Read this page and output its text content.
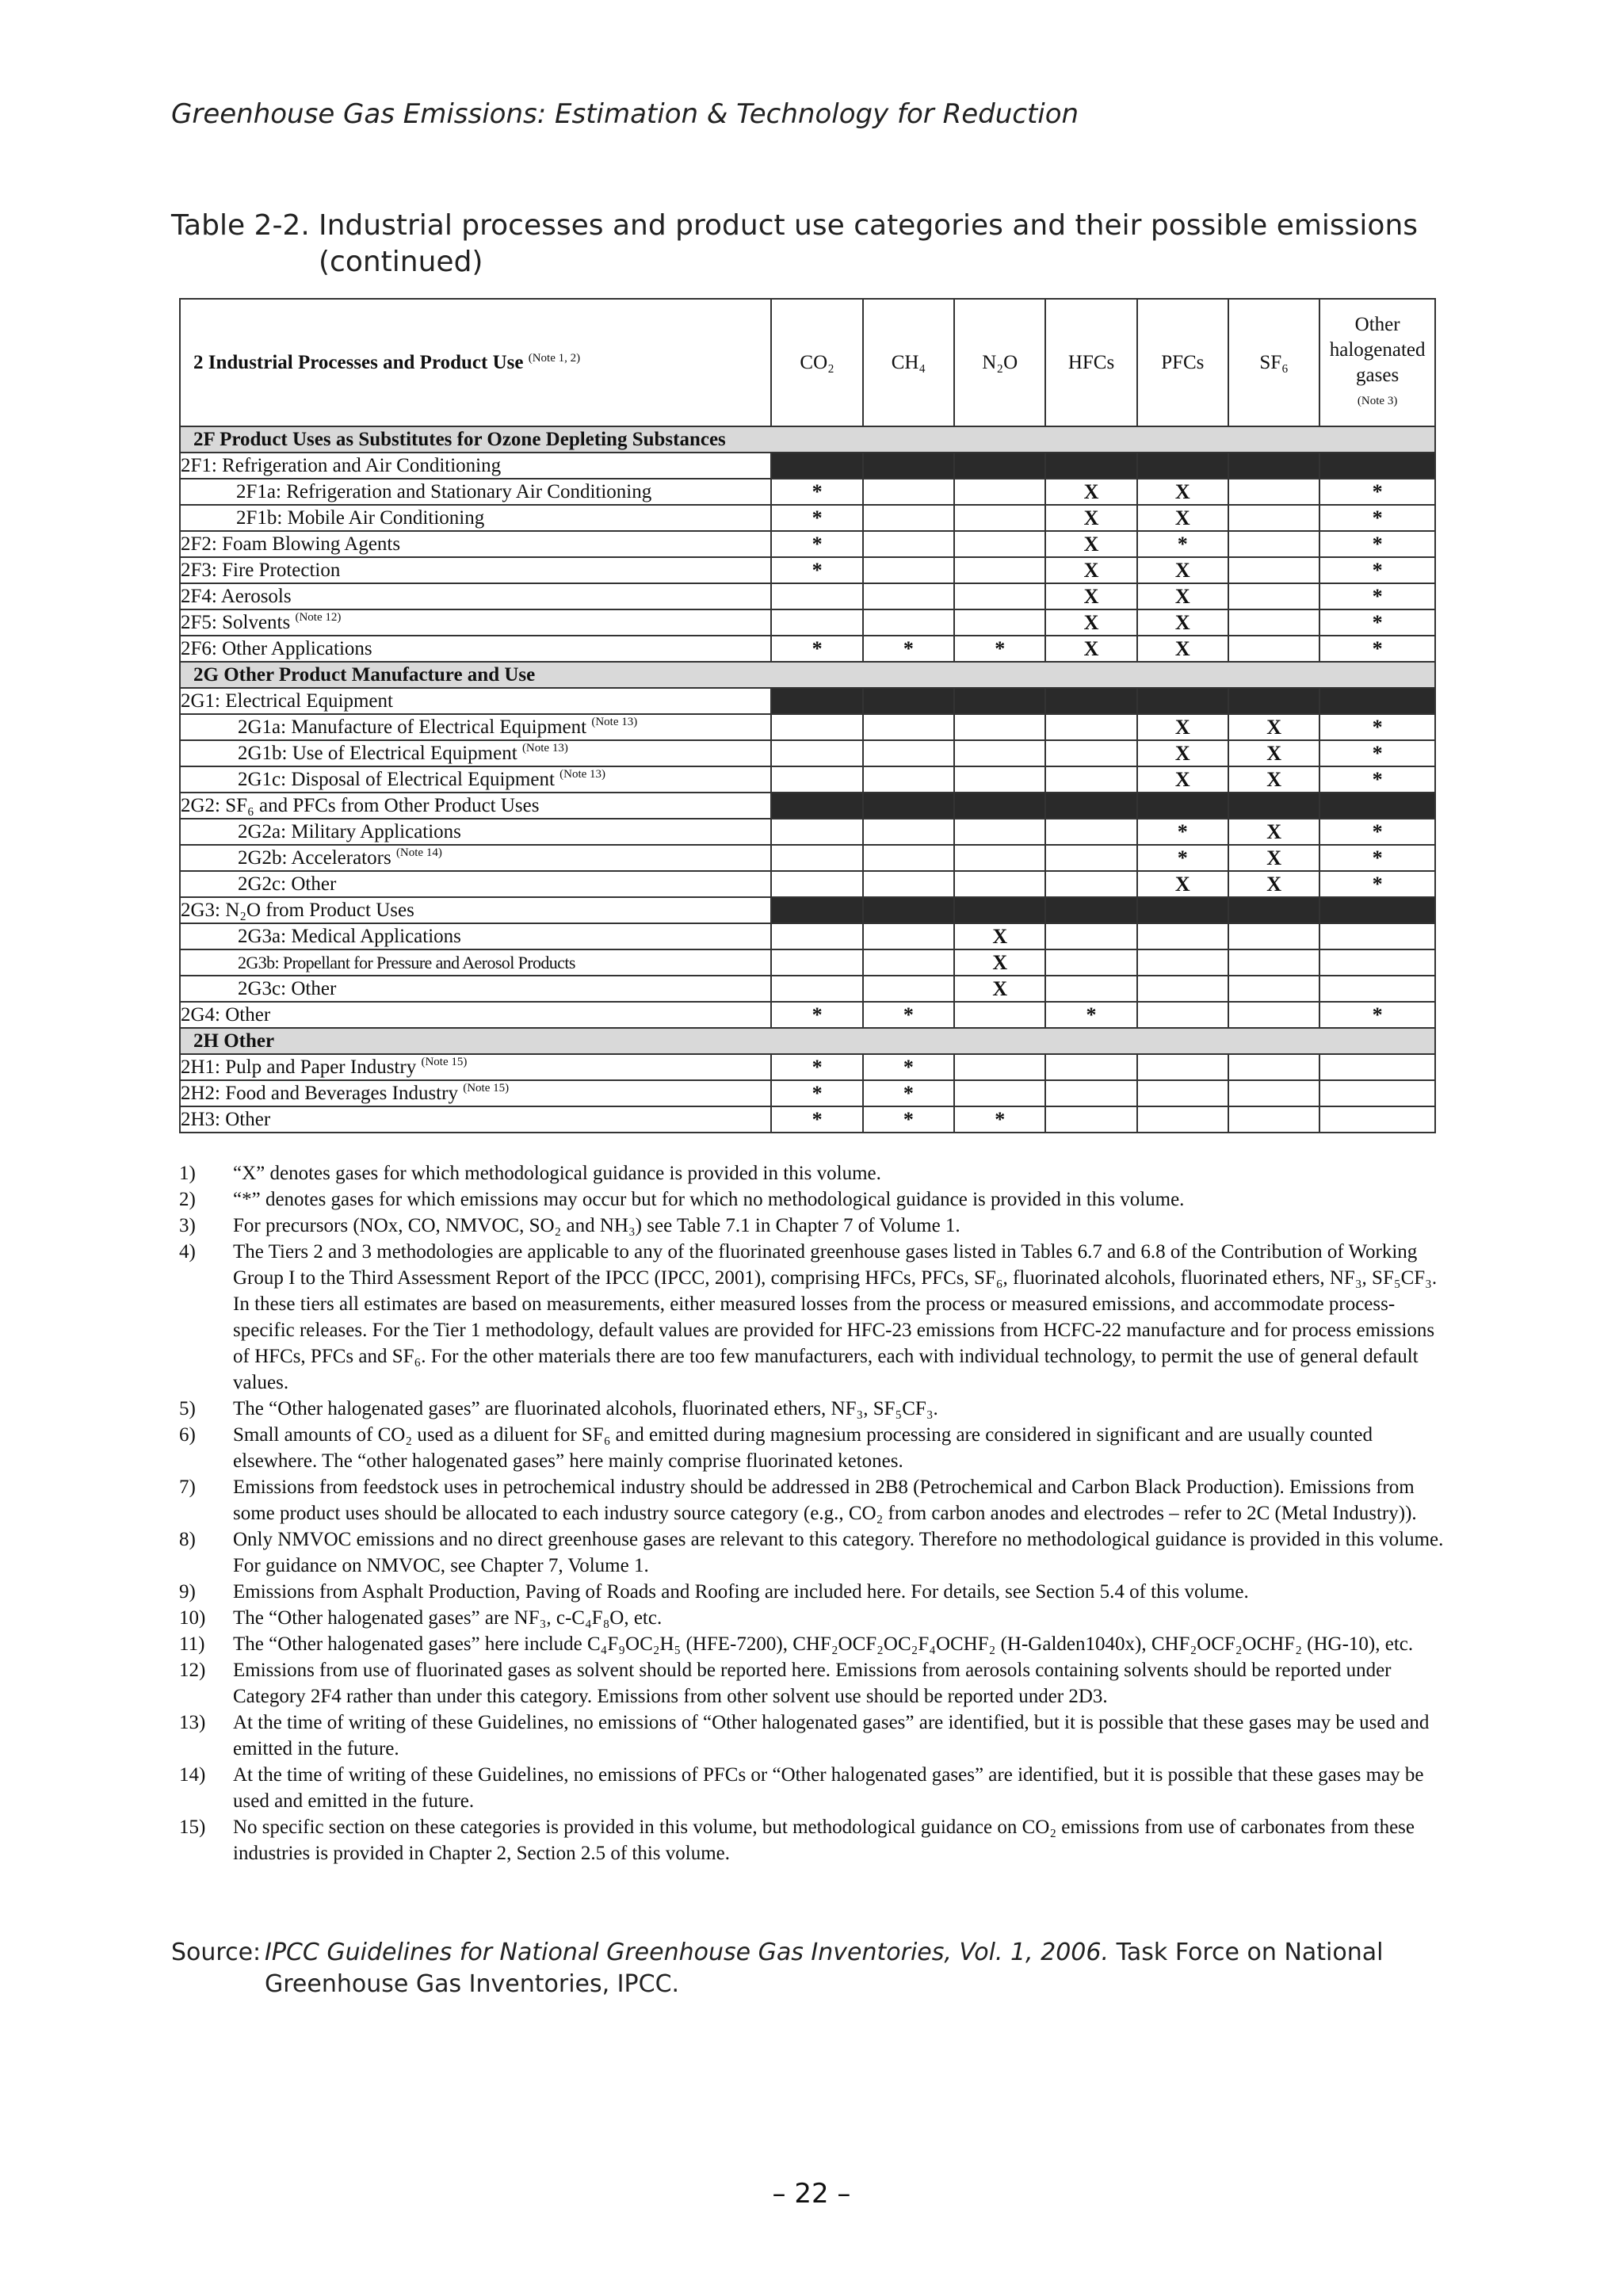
Greenhouse Gas Emissions: Estimation & Technology for Reduction
Table 2-2. Industrial processes and product use categories and their possible emissions
(continued)
2 Industrial Processes and Product Use $^{(Note 1, 2)}$	CO₂	CH₄	N₂O	HFCs	PFCs	SF₆	Other halogenated gases
(Note 3)

2F Product Uses as Substitutes for Ozone Depleting Substances							
2F1: Refrigeration and Air Conditioning							
2F1a: Refrigeration and Stationary Air Conditioning	*			X	X		*
2F1b: Mobile Air Conditioning	*			X	X		*
2F2: Foam Blowing Agents	*			X	*		*
2F3: Fire Protection	*			X	X		*
2F4: Aerosols				X	X		*
2F5: Solvents $^{(Note 12)}$				X	X		*
2F6: Other Applications	*	*	*	X	X		*
2G Other Product Manufacture and Use							
2G1: Electrical Equipment							
2G1a: Manufacture of Electrical Equipment $^{(Note 13)}$					X	X	*
2G1b: Use of Electrical Equipment $^{(Note 13)}$					X	X	*
2G1c: Disposal of Electrical Equipment $^{(Note 13)}$					X	X	*
2G2: SF₆ and PFCs from Other Product Uses							
2G2a: Military Applications					*	X	*
2G2b: Accelerators $^{(Note 14)}$					*	X	*
2G2c: Other					X	X	*
2G3: N₂O from Product Uses							
2G3a: Medical Applications			X				
2G3b: Propellant for Pressure and Aerosol Products			X				
2G3c: Other			X				
2G4: Other	*	*		*			*
2H Other							
2H1: Pulp and Paper Industry $^{(Note 15)}$	*	*					
2H2: Food and Beverages Industry $^{(Note 15)}$	*	*					
2H3: Other	*	*	*				
1)	“X” denotes gases for which methodological guidance is provided in this volume.
2)	“*” denotes gases for which emissions may occur but for which no methodological guidance is provided in this volume.
3)	For precursors (NOx, CO, NMVOC, SO₂ and NH₃) see Table 7.1 in Chapter 7 of Volume 1.
4)	The Tiers 2 and 3 methodologies are applicable to any of the fluorinated greenhouse gases listed in Tables 6.7 and 6.8 of the Contribution of Working Group I to the Third Assessment Report of the IPCC (IPCC, 2001), comprising HFCs, PFCs, SF₆, fluorinated alcohols, fluorinated ethers, NF₃, SF₅CF₃. In these tiers all estimates are based on measurements, either measured losses from the process or measured emissions, and accommodate process-specific releases. For the Tier 1 methodology, default values are provided for HFC-23 emissions from HCFC-22 manufacture and for process emissions of HFCs, PFCs and SF₆. For the other materials there are too few manufacturers, each with individual technology, to permit the use of general default values.
5)	The “Other halogenated gases” are fluorinated alcohols, fluorinated ethers, NF₃, SF₅CF₃.
6)	Small amounts of CO₂ used as a diluent for SF₆ and emitted during magnesium processing are considered in significant and are usually counted elsewhere. The “other halogenated gases” here mainly comprise fluorinated ketones.
7)	Emissions from feedstock uses in petrochemical industry should be addressed in 2B8 (Petrochemical and Carbon Black Production). Emissions from some product uses should be allocated to each industry source category (e.g., CO₂ from carbon anodes and electrodes – refer to 2C (Metal Industry)).
8)	Only NMVOC emissions and no direct greenhouse gases are relevant to this category. Therefore no methodological guidance is provided in this volume. For guidance on NMVOC, see Chapter 7, Volume 1.
9)	Emissions from Asphalt Production, Paving of Roads and Roofing are included here. For details, see Section 5.4 of this volume.
10)	The “Other halogenated gases” are NF₃, c-C₄F₈O, etc.
11)	The “Other halogenated gases” here include C₄F₉OC₂H₅ (HFE-7200), CHF₂OCF₂OC₂F₄OCHF₂ (H-Galden1040x), CHF₂OCF₂OCHF₂ (HG-10), etc.
12)	Emissions from use of fluorinated gases as solvent should be reported here. Emissions from aerosols containing solvents should be reported under Category 2F4 rather than under this category. Emissions from other solvent use should be reported under 2D3.
13)	At the time of writing of these Guidelines, no emissions of “Other halogenated gases” are identified, but it is possible that these gases may be used and emitted in the future.
14)	At the time of writing of these Guidelines, no emissions of PFCs or “Other halogenated gases” are identified, but it is possible that these gases may be used and emitted in the future.
15)	No specific section on these categories is provided in this volume, but methodological guidance on CO₂ emissions from use of carbonates from these industries is provided in Chapter 2, Section 2.5 of this volume.
Source: IPCC Guidelines for National Greenhouse Gas Inventories, Vol. 1, 2006. Task Force on National
Greenhouse Gas Inventories, IPCC.
– 22 –
